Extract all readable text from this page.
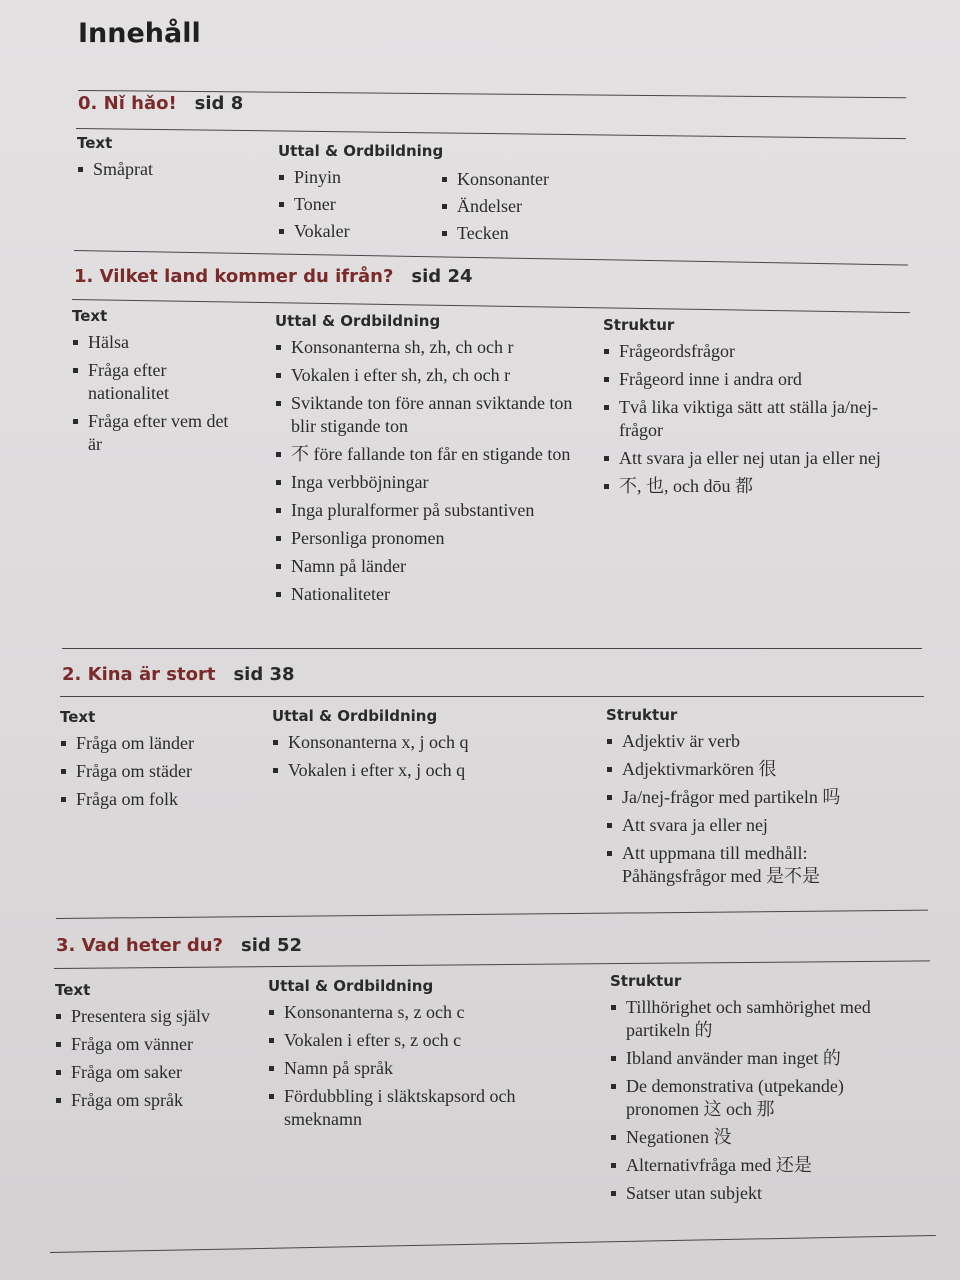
Innehåll
0. Nǐ hǎo! sid 8
Text
Småprat
Uttal & Ordbildning
Pinyin
Toner
Vokaler
Konsonanter
Ändelser
Tecken
1. Vilket land kommer du ifrån? sid 24
Text
Hälsa
Fråga efter nationalitet
Fråga efter vem det är
Uttal & Ordbildning
Konsonanterna sh, zh, ch och r
Vokalen i efter sh, zh, ch och r
Sviktande ton före annan sviktande ton blir stigande ton
不 före fallande ton får en stigande ton
Inga verbböjningar
Inga pluralformer på substantiven
Personliga pronomen
Namn på länder
Nationaliteter
Struktur
Frågeordsfrågor
Frågeord inne i andra ord
Två lika viktiga sätt att ställa ja/nej-frågor
Att svara ja eller nej utan ja eller nej
不, 也, och dōu 都
2. Kina är stort sid 38
Text
Fråga om länder
Fråga om städer
Fråga om folk
Uttal & Ordbildning
Konsonanterna x, j och q
Vokalen i efter x, j och q
Struktur
Adjektiv är verb
Adjektivmarkören 很
Ja/nej-frågor med partikeln 吗
Att svara ja eller nej
Att uppmana till medhåll: Påhängsfrågor med 是不是
3. Vad heter du? sid 52
Text
Presentera sig själv
Fråga om vänner
Fråga om saker
Fråga om språk
Uttal & Ordbildning
Konsonanterna s, z och c
Vokalen i efter s, z och c
Namn på språk
Fördubbling i släktskapsord och smeknamn
Struktur
Tillhörighet och samhörighet med partikeln 的
Ibland använder man inget 的
De demonstrativa (utpekande) pronomen 这 och 那
Negationen 没
Alternativfråga med 还是
Satser utan subjekt
